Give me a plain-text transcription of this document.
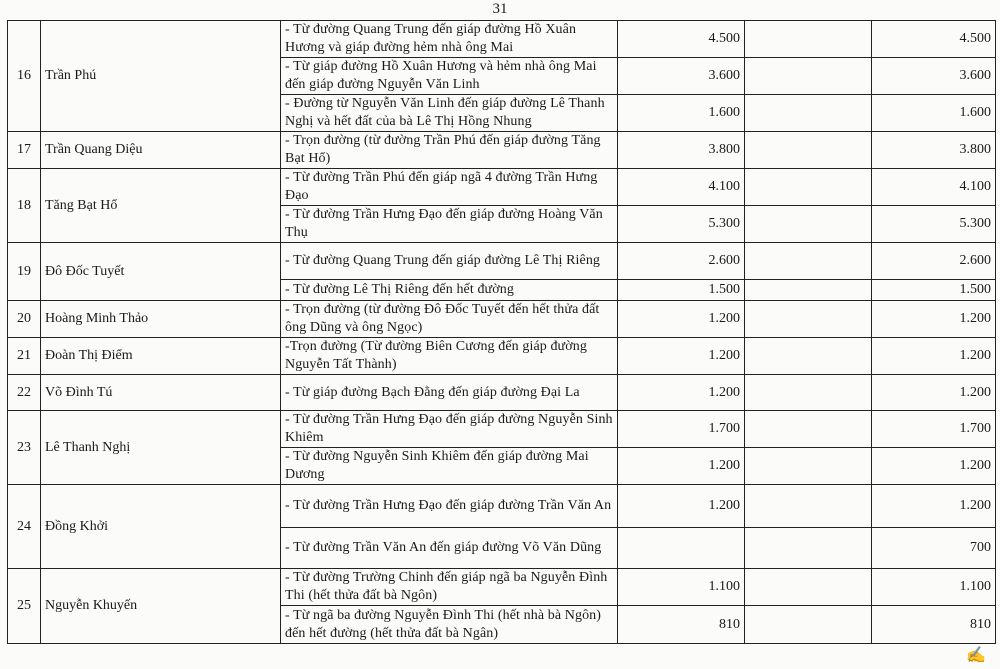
31
16	Trần Phú	- Từ đường Quang Trung đến giáp đường Hồ Xuân Hương và giáp đường hẻm nhà ông Mai	4.500		4.500
		- Từ giáp đường Hồ Xuân Hương và hẻm nhà ông Mai đến giáp đường Nguyễn Văn Linh	3.600		3.600
		- Đường từ Nguyễn Văn Linh đến giáp đường Lê Thanh Nghị và hết đất của bà Lê Thị Hồng Nhung	1.600		1.600
17	Trần Quang Diệu	- Trọn đường (từ đường Trần Phú đến giáp đường Tăng Bạt Hổ)	3.800		3.800
18	Tăng Bạt Hổ	- Từ đường Trần Phú đến giáp ngã 4 đường Trần Hưng Đạo	4.100		4.100
		- Từ đường Trần Hưng Đạo đến giáp đường Hoàng Văn Thụ	5.300		5.300
19	Đô Đốc Tuyết	- Từ đường Quang Trung đến giáp đường Lê Thị Riêng	2.600		2.600
		- Từ đường Lê Thị Riêng đến hết đường	1.500		1.500
20	Hoàng Minh Thảo	- Trọn đường (từ đường Đô Đốc Tuyết đến hết thửa đất ông Dũng và ông Ngọc)	1.200		1.200
21	Đoàn Thị Điểm	-Trọn đường (Từ đường Biên Cương đến giáp đường Nguyễn Tất Thành)	1.200		1.200
22	Võ Đình Tú	- Từ giáp đường Bạch Đằng đến giáp đường Đại La	1.200		1.200
23	Lê Thanh Nghị	- Từ đường Trần Hưng Đạo đến giáp đường Nguyễn Sinh Khiêm	1.700		1.700
		- Từ đường Nguyễn Sinh Khiêm đến giáp đường Mai Dương	1.200		1.200
24	Đồng Khởi	- Từ đường Trần Hưng Đạo đến giáp đường Trần Văn An	1.200		1.200
		- Từ đường Trần Văn An đến giáp đường Võ Văn Dũng			700
25	Nguyễn Khuyến	- Từ đường Trường Chinh đến giáp ngã ba Nguyễn Đình Thi (hết thửa đất bà Ngôn)	1.100		1.100
		- Từ ngã ba đường Nguyễn Đình Thi (hết nhà bà Ngôn) đến hết đường (hết thửa đất bà Ngân)	810		810
✍
